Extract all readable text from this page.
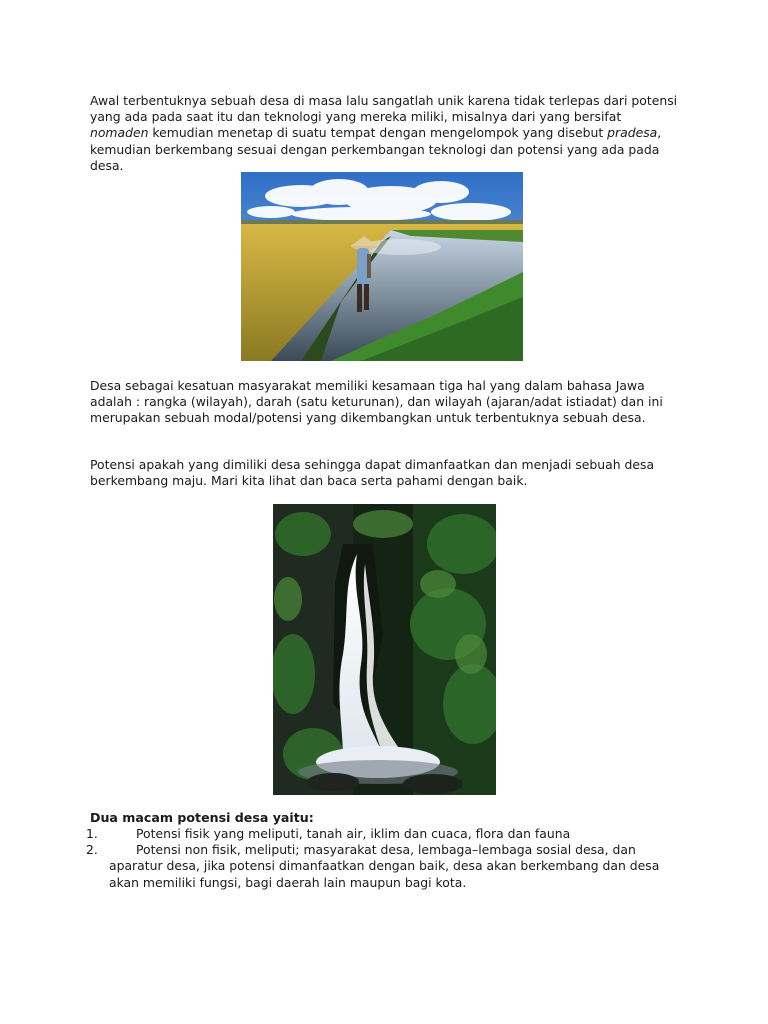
Awal terbentuknya sebuah desa di masa lalu sangatlah unik karena tidak terlepas dari potensi yang ada pada saat itu dan teknologi yang mereka miliki, misalnya dari yang bersifat nomaden kemudian menetap di suatu tempat dengan mengelompok yang disebut pradesa, kemudian berkembang sesuai dengan perkembangan teknologi dan potensi yang ada pada desa.

Desa sebagai kesatuan masyarakat memiliki kesamaan tiga hal yang dalam bahasa Jawa adalah : rangka (wilayah), darah (satu keturunan), dan wilayah (ajaran/adat istiadat) dan ini merupakan sebuah modal/potensi yang dikembangkan untuk terbentuknya sebuah desa.

Potensi apakah yang dimiliki desa sehingga dapat dimanfaatkan dan menjadi sebuah desa berkembang maju. Mari kita lihat dan baca serta pahami dengan baik.

Dua macam potensi desa yaitu:

1.	Potensi fisik yang meliputi, tanah air, iklim dan cuaca, flora dan fauna
2.	Potensi non fisik, meliputi; masyarakat desa, lembaga–lembaga sosial desa, dan aparatur desa, jika potensi dimanfaatkan dengan baik, desa akan berkembang dan desa akan memiliki fungsi, bagi daerah lain maupun bagi kota.
